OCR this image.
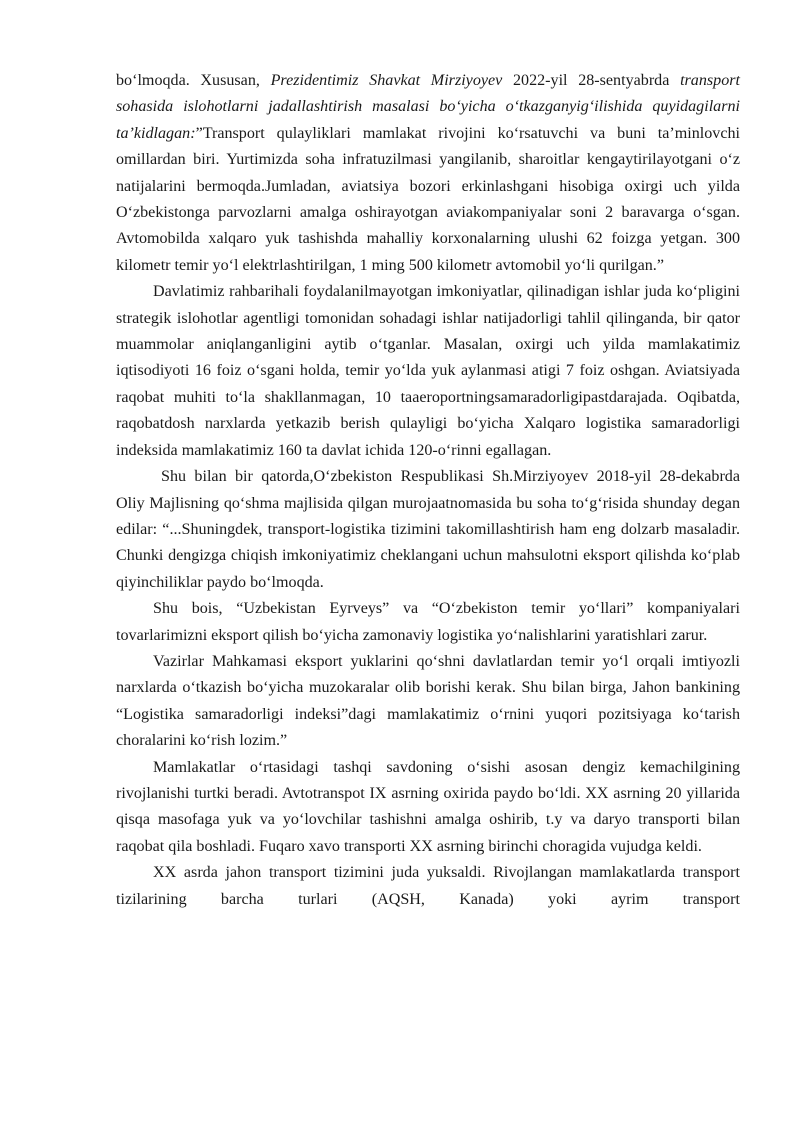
bo‘lmoqda. Xususan, Prezidentimiz Shavkat Mirziyoyev 2022-yil 28-sentyabrda transport sohasida islohotlarni jadallashtirish masalasi bo‘yicha o‘tkazganyig‘ilishida quyidagilarni ta’kidlagan:”Transport qulayliklari mamlakat rivojini ko‘rsatuvchi va buni ta’minlovchi omillardan biri. Yurtimizda soha infratuzilmasi yangilanib, sharoitlar kengaytirilayotgani o‘z natijalarini bermoqda.Jumladan, aviatsiya bozori erkinlashgani hisobiga oxirgi uch yilda O‘zbekistonga parvozlarni amalga oshirayotgan aviakompaniyalar soni 2 baravarga o‘sgan. Avtomobilda xalqaro yuk tashishda mahalliy korxonalarning ulushi 62 foizga yetgan. 300 kilometr temir yo‘l elektrlashtirilgan, 1 ming 500 kilometr avtomobil yo‘li qurilgan.”

Davlatimiz rahbarihali foydalanilmayotgan imkoniyatlar, qilinadigan ishlar juda ko‘pligini strategik islohotlar agentligi tomonidan sohadagi ishlar natijadorligi tahlil qilinganda, bir qator muammolar aniqlanganligini aytib o‘tganlar. Masalan, oxirgi uch yilda mamlakatimiz iqtisodiyoti 16 foiz o‘sgani holda, temir yo‘lda yuk aylanmasi atigi 7 foiz oshgan. Aviatsiyada raqobat muhiti to‘la shakllanmagan, 10 taaeroportningsamaradorligipastdarajada. Oqibatda, raqobatdosh narxlarda yetkazib berish qulayligi bo‘yicha Xalqaro logistika samaradorligi indeksida mamlakatimiz 160 ta davlat ichida 120-o‘rinni egallagan.

Shu bilan bir qatorda,O‘zbekiston Respublikasi Sh.Mirziyoyev 2018-yil 28-dekabrda Oliy Majlisning qo‘shma majlisida qilgan murojaatnomasida bu soha to‘g‘risida shunday degan edilar: “...Shuningdek, transport-logistika tizimini takomillashtirish ham eng dolzarb masaladir. Chunki dengizga chiqish imkoniyatimiz cheklangani uchun mahsulotni eksport qilishda ko‘plab qiyinchiliklar paydo bo‘lmoqda.

Shu bois, “Uzbekistan Eyrveys” va “O‘zbekiston temir yo‘llari” kompaniyalari tovarlarimizni eksport qilish bo‘yicha zamonaviy logistika yo‘nalishlarini yaratishlari zarur.

Vazirlar Mahkamasi eksport yuklarini qo‘shni davlatlardan temir yo‘l orqali imtiyozli narxlarda o‘tkazish bo‘yicha muzokaralar olib borishi kerak. Shu bilan birga, Jahon bankining “Logistika samaradorligi indeksi”dagi mamlakatimiz o‘rnini yuqori pozitsiyaga ko‘tarish choralarini ko‘rish lozim.”

Mamlakatlar o‘rtasidagi tashqi savdoning o‘sishi asosan dengiz kemachilgining rivojlanishi turtki beradi. Avtotranspot IX asrning oxirida paydo bo‘ldi. XX asrning 20 yillarida qisqa masofaga yuk va yo‘lovchilar tashishni amalga oshirib, t.y va daryo transporti bilan raqobat qila boshladi. Fuqaro xavo transporti XX asrning birinchi choragida vujudga keldi.

XX asrda jahon transport tizimini juda yuksaldi. Rivojlangan mamlakatlarda transport tizilarining barcha turlari (AQSH, Kanada) yoki ayrim transport
